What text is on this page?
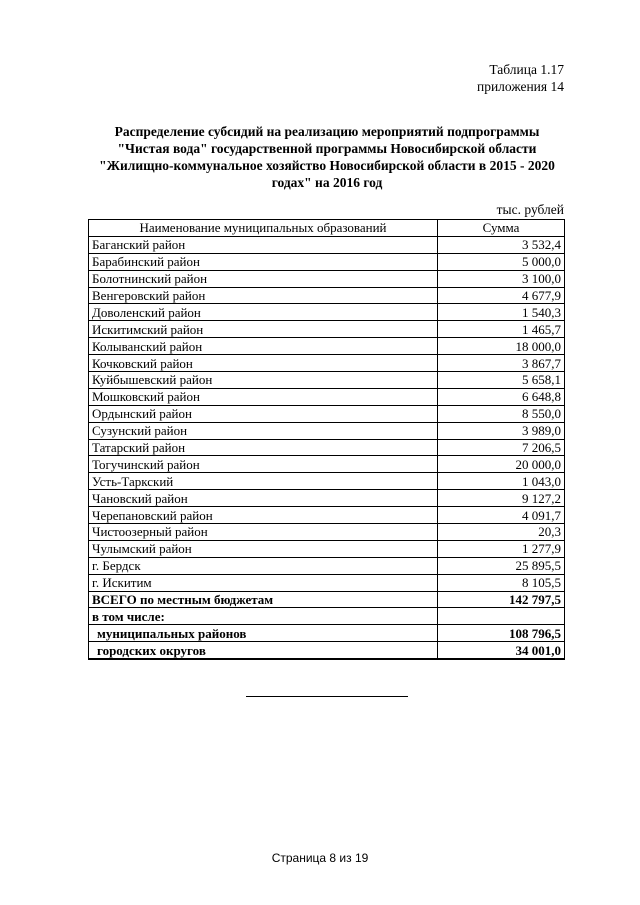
Таблица 1.17
приложения 14
Распределение субсидий на реализацию мероприятий подпрограммы "Чистая вода" государственной программы Новосибирской области "Жилищно-коммунальное хозяйство Новосибирской области в 2015 - 2020 годах" на 2016 год
тыс. рублей
Наименование муниципальных образований	Сумма
Баганский район	3 532,4
Барабинский район	5 000,0
Болотнинский район	3 100,0
Венгеровский район	4 677,9
Доволенский район	1 540,3
Искитимский район	1 465,7
Колыванский район	18 000,0
Кочковский район	3 867,7
Куйбышевский район	5 658,1
Мошковский район	6 648,8
Ордынский район	8 550,0
Сузунский район	3 989,0
Татарский район	7 206,5
Тогучинский район	20 000,0
Усть-Таркский	1 043,0
Чановский район	9 127,2
Черепановский район	4 091,7
Чистоозерный район	20,3
Чулымский район	1 277,9
г. Бердск	25 895,5
г. Искитим	8 105,5
ВСЕГО по местным бюджетам	142 797,5
в том числе:	
муниципальных районов	108 796,5
городских округов	34 001,0
Страница 8 из 19
